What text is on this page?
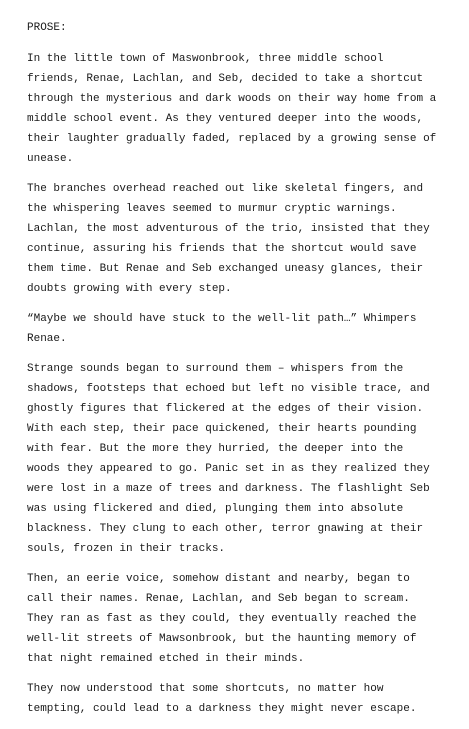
PROSE:
In the little town of Maswonbrook, three middle school
friends, Renae, Lachlan, and Seb, decided to take a shortcut
through the mysterious and dark woods on their way home from a
middle school event. As they ventured deeper into the woods,
their laughter gradually faded, replaced by a growing sense of
unease.
The branches overhead reached out like skeletal fingers, and
the whispering leaves seemed to murmur cryptic warnings.
Lachlan, the most adventurous of the trio, insisted that they
continue, assuring his friends that the shortcut would save
them time. But Renae and Seb exchanged uneasy glances, their
doubts growing with every step.
“Maybe we should have stuck to the well-lit path…” Whimpers
Renae.
Strange sounds began to surround them – whispers from the
shadows, footsteps that echoed but left no visible trace, and
ghostly figures that flickered at the edges of their vision.
With each step, their pace quickened, their hearts pounding
with fear. But the more they hurried, the deeper into the
woods they appeared to go. Panic set in as they realized they
were lost in a maze of trees and darkness. The flashlight Seb
was using flickered and died, plunging them into absolute
blackness. They clung to each other, terror gnawing at their
souls, frozen in their tracks.
Then, an eerie voice, somehow distant and nearby, began to
call their names. Renae, Lachlan, and Seb began to scream.
They ran as fast as they could, they eventually reached the
well-lit streets of Mawsonbrook, but the haunting memory of
that night remained etched in their minds.
They now understood that some shortcuts, no matter how
tempting, could lead to a darkness they might never escape.
